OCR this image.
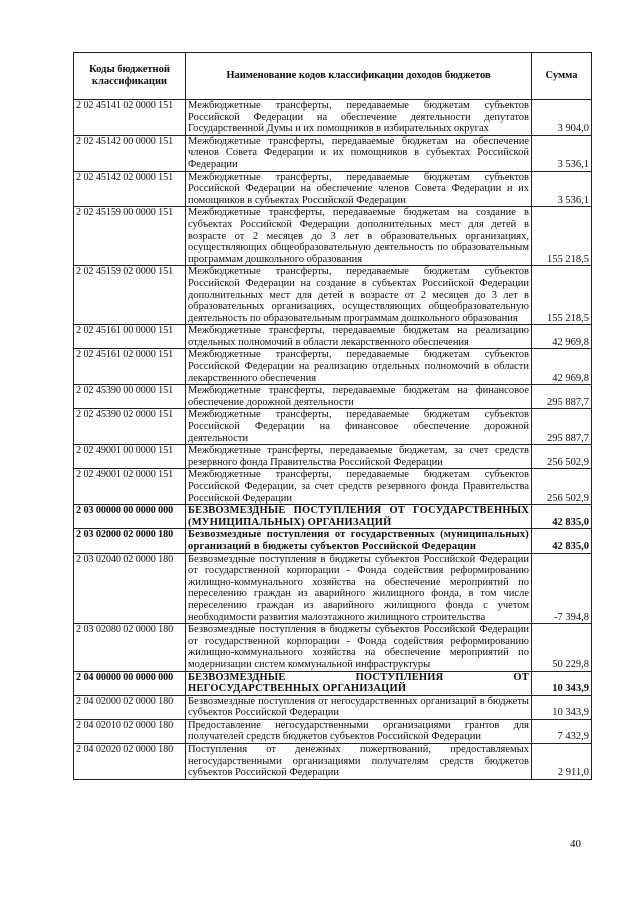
Коды бюджетной классификации	Наименование кодов классификации доходов бюджетов	Сумма
2 02 45141 02 0000 151	Межбюджетные трансферты, передаваемые бюджетам субъектов Российской Федерации на обеспечение деятельности депутатов Государственной Думы и их помощников в избирательных округах	3 904,0
2 02 45142 00 0000 151	Межбюджетные трансферты, передаваемые бюджетам на обеспечение членов Совета Федерации и их помощников в субъектах Российской Федерации	3 536,1
2 02 45142 02 0000 151	Межбюджетные трансферты, передаваемые бюджетам субъектов Российской Федерации на обеспечение членов Совета Федерации и их помощников в субъектах Российской Федерации	3 536,1
2 02 45159 00 0000 151	Межбюджетные трансферты, передаваемые бюджетам на создание в субъектах Российской Федерации дополнительных мест для детей в возрасте от 2 месяцев до 3 лет в образовательных организациях, осуществляющих общеобразовательную деятельность по образовательным программам дошкольного образования	155 218,5
2 02 45159 02 0000 151	Межбюджетные трансферты, передаваемые бюджетам субъектов Российской Федерации на создание в субъектах Российской Федерации дополнительных мест для детей в возрасте от 2 месяцев до 3 лет в образовательных организациях, осуществляющих общеобразовательную деятельность по образовательным программам дошкольного образования	155 218,5
2 02 45161 00 0000 151	Межбюджетные трансферты, передаваемые бюджетам на реализацию отдельных полномочий в области лекарственного обеспечения	42 969,8
2 02 45161 02 0000 151	Межбюджетные трансферты, передаваемые бюджетам субъектов Российской Федерации на реализацию отдельных полномочий в области лекарственного обеспечения	42 969,8
2 02 45390 00 0000 151	Межбюджетные трансферты, передаваемые бюджетам на финансовое обеспечение дорожной деятельности	295 887,7
2 02 45390 02 0000 151	Межбюджетные трансферты, передаваемые бюджетам субъектов Российской Федерации на финансовое обеспечение дорожной деятельности	295 887,7
2 02 49001 00 0000 151	Межбюджетные трансферты, передаваемые бюджетам, за счет средств резервного фонда Правительства Российской Федерации	256 502,9
2 02 49001 02 0000 151	Межбюджетные трансферты, передаваемые бюджетам субъектов Российской Федерации, за счет средств резервного фонда Правительства Российской Федерации	256 502,9
2 03 00000 00 0000 000	БЕЗВОЗМЕЗДНЫЕ ПОСТУПЛЕНИЯ ОТ ГОСУДАРСТВЕННЫХ (МУНИЦИПАЛЬНЫХ) ОРГАНИЗАЦИЙ	42 835,0
2 03 02000 02 0000 180	Безвозмездные поступления от государственных (муниципальных) организаций в бюджеты субъектов Российской Федерации	42 835,0
2 03 02040 02 0000 180	Безвозмездные поступления в бюджеты субъектов Российской Федерации от государственной корпорации - Фонда содействия реформированию жилищно-коммунального хозяйства на обеспечение мероприятий по переселению граждан из аварийного жилищного фонда, в том числе переселению граждан из аварийного жилищного фонда с учетом необходимости развития малоэтажного жилищного строительства	-7 394,8
2 03 02080 02 0000 180	Безвозмездные поступления в бюджеты субъектов Российской Федерации от государственной корпорации - Фонда содействия реформированию жилищно-коммунального хозяйства на обеспечение мероприятий по модернизации систем коммунальной инфраструктуры	50 229,8
2 04 00000 00 0000 000	БЕЗВОЗМЕЗДНЫЕ ПОСТУПЛЕНИЯ ОТ НЕГОСУДАРСТВЕННЫХ ОРГАНИЗАЦИЙ	10 343,9
2 04 02000 02 0000 180	Безвозмездные поступления от негосударственных организаций в бюджеты субъектов Российской Федерации	10 343,9
2 04 02010 02 0000 180	Предоставление негосударственными организациями грантов для получателей средств бюджетов субъектов Российской Федерации	7 432,9
2 04 02020 02 0000 180	Поступления от денежных пожертвований, предоставляемых негосударственными организациями получателям средств бюджетов субъектов Российской Федерации	2 911,0
40
